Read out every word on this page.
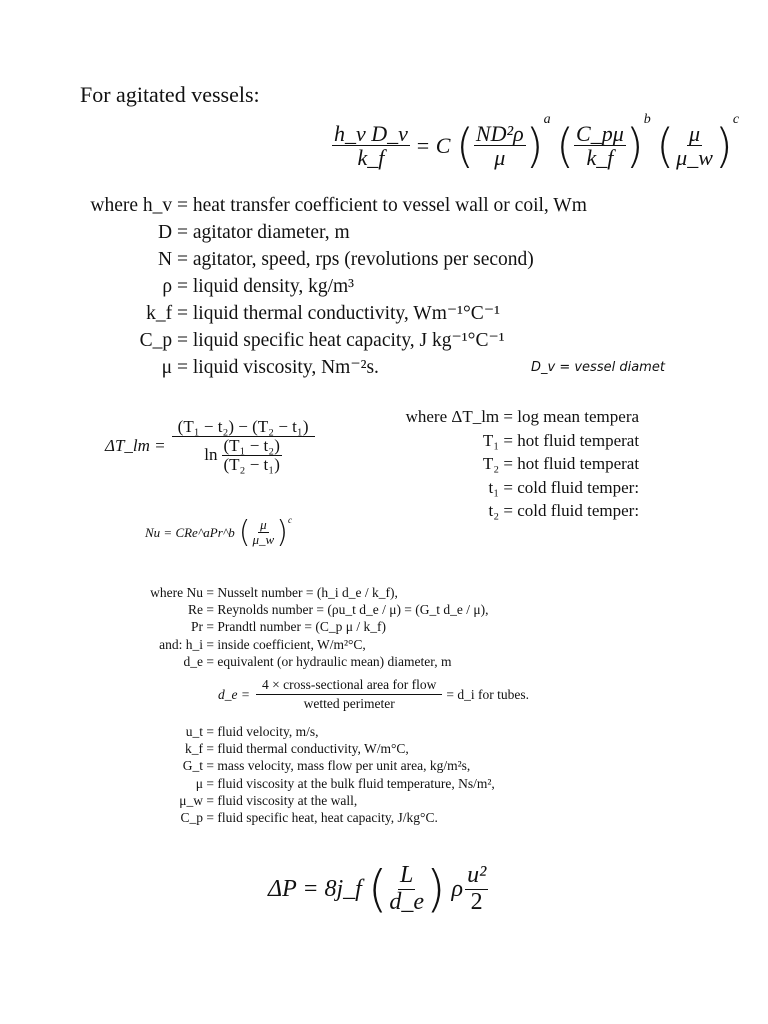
For agitated vessels:
$\frac{\text{h\_v D\_v}}{k\_f} = C$ ( $\frac{\text{ND²ρ}}{\mu} )^a$ ( $\frac{C\_p\mu}{k\_f} )^b$ ( $\frac{\mu}{\mu\_w} )^c$
where h_v = heat transfer coefficient to vessel wall or coil, Wm
D = agitator diameter, m
N = agitator, speed, rps (revolutions per second)
ρ = liquid density, kg/m³
k_f = liquid thermal conductivity, Wm⁻¹°C⁻¹
C_p = liquid specific heat capacity, J kg⁻¹°C⁻¹
μ = liquid viscosity, Nm⁻²s.	D_v = vessel diamet
ΔT_lm = $\frac{\text{(T₁ − t₂) − (T₂ − t₁)}}{\ln \frac{\text{(T₁ − t₂)}}{\text{(T₂ − t₁)}}}$
where ΔT_lm = log mean tempera
T₁ = hot fluid temperat
T₂ = hot fluid temperat
t₁ = cold fluid temper:
t₂ = cold fluid temper:
Nu = CRe^aPr^b ( $\frac{\mu}{\mu\_w} )^c$
where Nu = Nusselt number = (h_i d_e / k_f),
Re = Reynolds number = (ρu_t d_e / μ) = (G_t d_e / μ),
Pr = Prandtl number = (C_p μ / k_f)
and: h_i = inside coefficient, W/m²°C,
d_e = equivalent (or hydraulic mean) diameter, m
d_e = $\frac{\text{4 × cross-sectional area for flow}}{\text{wetted perimeter}}$ = d_i for tubes.
u_t = fluid velocity, m/s,
k_f = fluid thermal conductivity, W/m°C,
G_t = mass velocity, mass flow per unit area, kg/m²s,
μ = fluid viscosity at the bulk fluid temperature, Ns/m²,
μ_w = fluid viscosity at the wall,
C_p = fluid specific heat, heat capacity, J/kg°C.
ΔP = 8j_f ( $\frac{L}{d\_e}$ ) ρ $\frac{\text{u²}}{2}$
